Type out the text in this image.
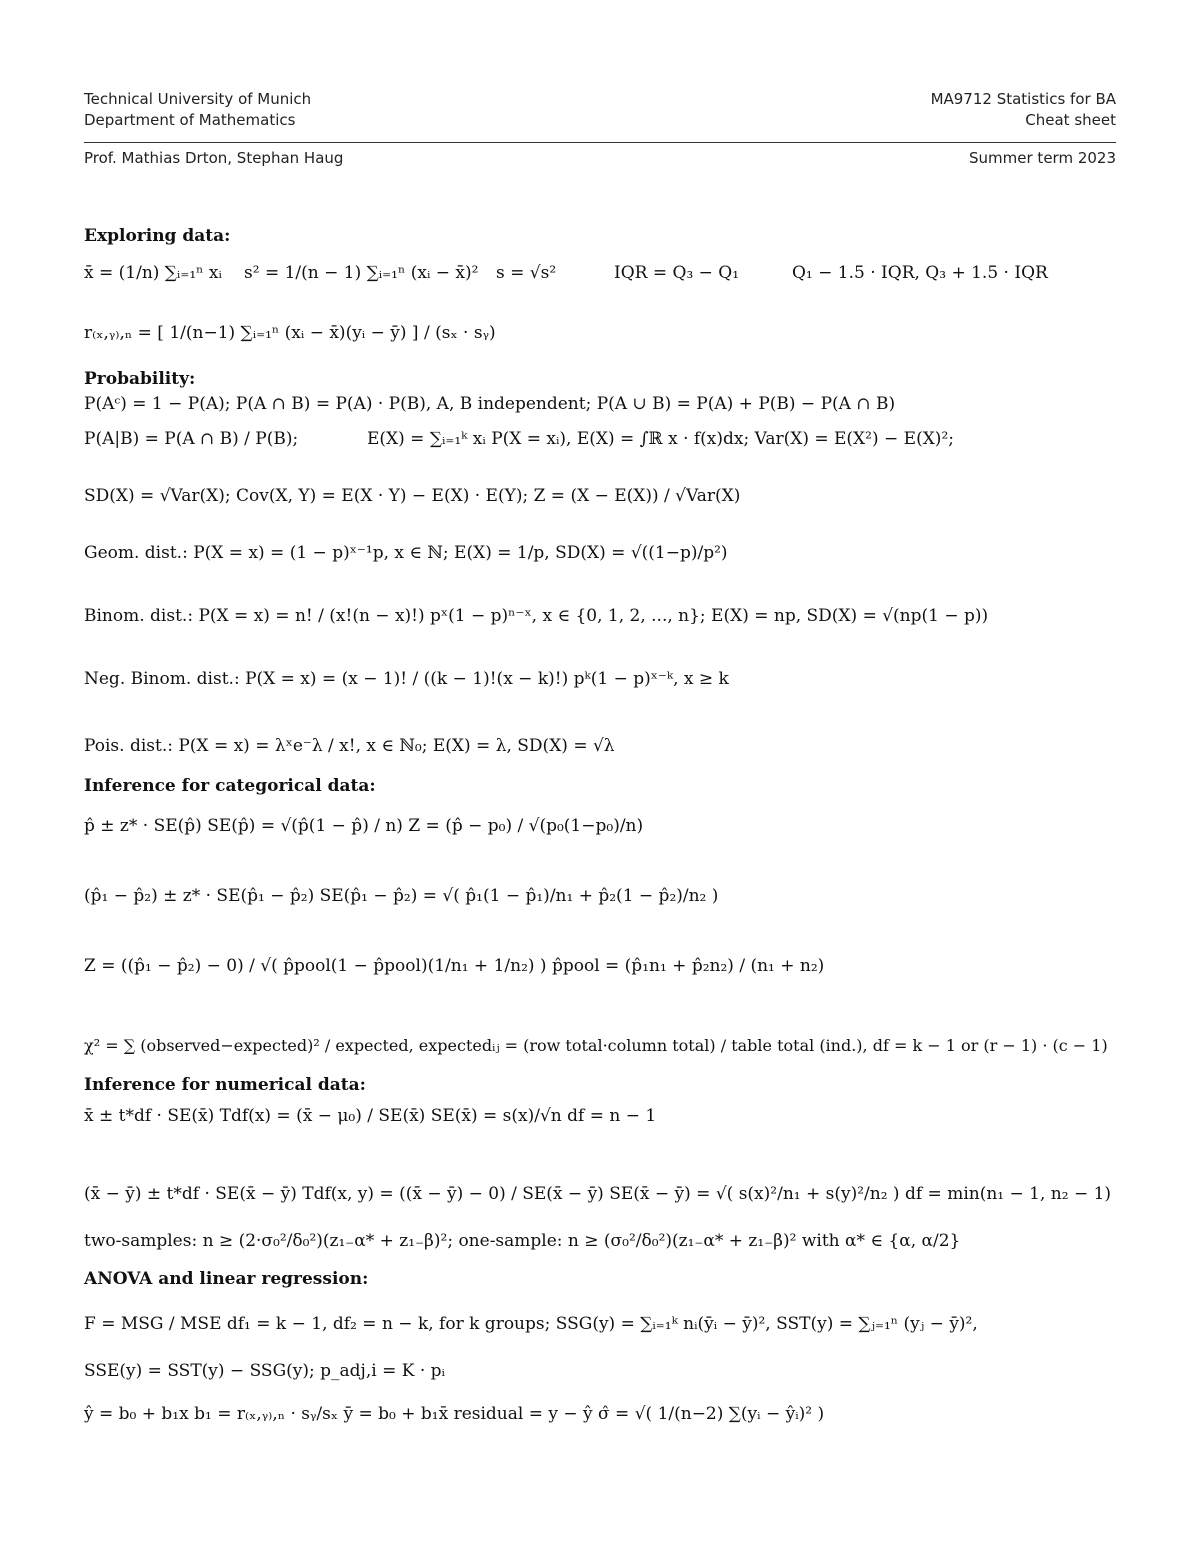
Technical University of Munich
Department of Mathematics
MA9712 Statistics for BA
Cheat sheet
Prof. Mathias Drton, Stephan Haug	Summer term 2023
Exploring data:
x̄ = (1/n) ∑ᵢ₌₁ⁿ xᵢ s² = 1/(n − 1) ∑ᵢ₌₁ⁿ (xᵢ − x̄)² s = √s²	IQR = Q₃ − Q₁	Q₁ − 1.5 · IQR, Q₃ + 1.5 · IQR
r₍ₓ,ᵧ₎,ₙ = [ 1/(n−1) ∑ᵢ₌₁ⁿ (xᵢ − x̄)(yᵢ − ȳ) ] / (sₓ · sᵧ)
Probability:
P(Aᶜ) = 1 − P(A); P(A ∩ B) = P(A) · P(B), A, B independent; P(A ∪ B) = P(A) + P(B) − P(A ∩ B)
P(A|B) = P(A ∩ B) / P(B);	E(X) = ∑ᵢ₌₁ᵏ xᵢ P(X = xᵢ), E(X) = ∫ℝ x · f(x)dx; Var(X) = E(X²) − E(X)²;
SD(X) = √Var(X); Cov(X, Y) = E(X · Y) − E(X) · E(Y); Z = (X − E(X)) / √Var(X)
Geom. dist.: P(X = x) = (1 − p)ˣ⁻¹p, x ∈ ℕ; E(X) = 1/p, SD(X) = √((1−p)/p²)
Binom. dist.: P(X = x) = n! / (x!(n − x)!) pˣ(1 − p)ⁿ⁻ˣ, x ∈ {0, 1, 2, ..., n}; E(X) = np, SD(X) = √(np(1 − p))
Neg. Binom. dist.: P(X = x) = (x − 1)! / ((k − 1)!(x − k)!) pᵏ(1 − p)ˣ⁻ᵏ, x ≥ k
Pois. dist.: P(X = x) = λˣe⁻λ / x!, x ∈ ℕ₀; E(X) = λ, SD(X) = √λ
Inference for categorical data:
p̂ ± z* · SE(p̂) SE(p̂) = √(p̂(1 − p̂) / n) Z = (p̂ − p₀) / √(p₀(1−p₀)/n)
(p̂₁ − p̂₂) ± z* · SE(p̂₁ − p̂₂) SE(p̂₁ − p̂₂) = √( p̂₁(1 − p̂₁)/n₁ + p̂₂(1 − p̂₂)/n₂ )
Z = ((p̂₁ − p̂₂) − 0) / √( p̂pool(1 − p̂pool)(1/n₁ + 1/n₂) ) p̂pool = (p̂₁n₁ + p̂₂n₂) / (n₁ + n₂)
χ² = ∑ (observed−expected)² / expected, expectedᵢⱼ = (row total·column total) / table total (ind.), df = k − 1 or (r − 1) · (c − 1)
Inference for numerical data:
x̄ ± t*df · SE(x̄) Tdf(x) = (x̄ − μ₀) / SE(x̄) SE(x̄) = s(x)/√n df = n − 1
(x̄ − ȳ) ± t*df · SE(x̄ − ȳ) Tdf(x, y) = ((x̄ − ȳ) − 0) / SE(x̄ − ȳ) SE(x̄ − ȳ) = √( s(x)²/n₁ + s(y)²/n₂ ) df = min(n₁ − 1, n₂ − 1)
two-samples: n ≥ (2·σ₀²/δ₀²)(z₁₋α* + z₁₋β)²; one-sample: n ≥ (σ₀²/δ₀²)(z₁₋α* + z₁₋β)² with α* ∈ {α, α/2}
ANOVA and linear regression:
F = MSG / MSE df₁ = k − 1, df₂ = n − k, for k groups; SSG(y) = ∑ᵢ₌₁ᵏ nᵢ(ȳᵢ − ȳ)², SST(y) = ∑ⱼ₌₁ⁿ (yⱼ − ȳ)²,
SSE(y) = SST(y) − SSG(y); p_adj,i = K · pᵢ
ŷ = b₀ + b₁x b₁ = r₍ₓ,ᵧ₎,ₙ · sᵧ/sₓ ȳ = b₀ + b₁x̄ residual = y − ŷ σ̂ = √( 1/(n−2) ∑(yᵢ − ŷᵢ)² )
